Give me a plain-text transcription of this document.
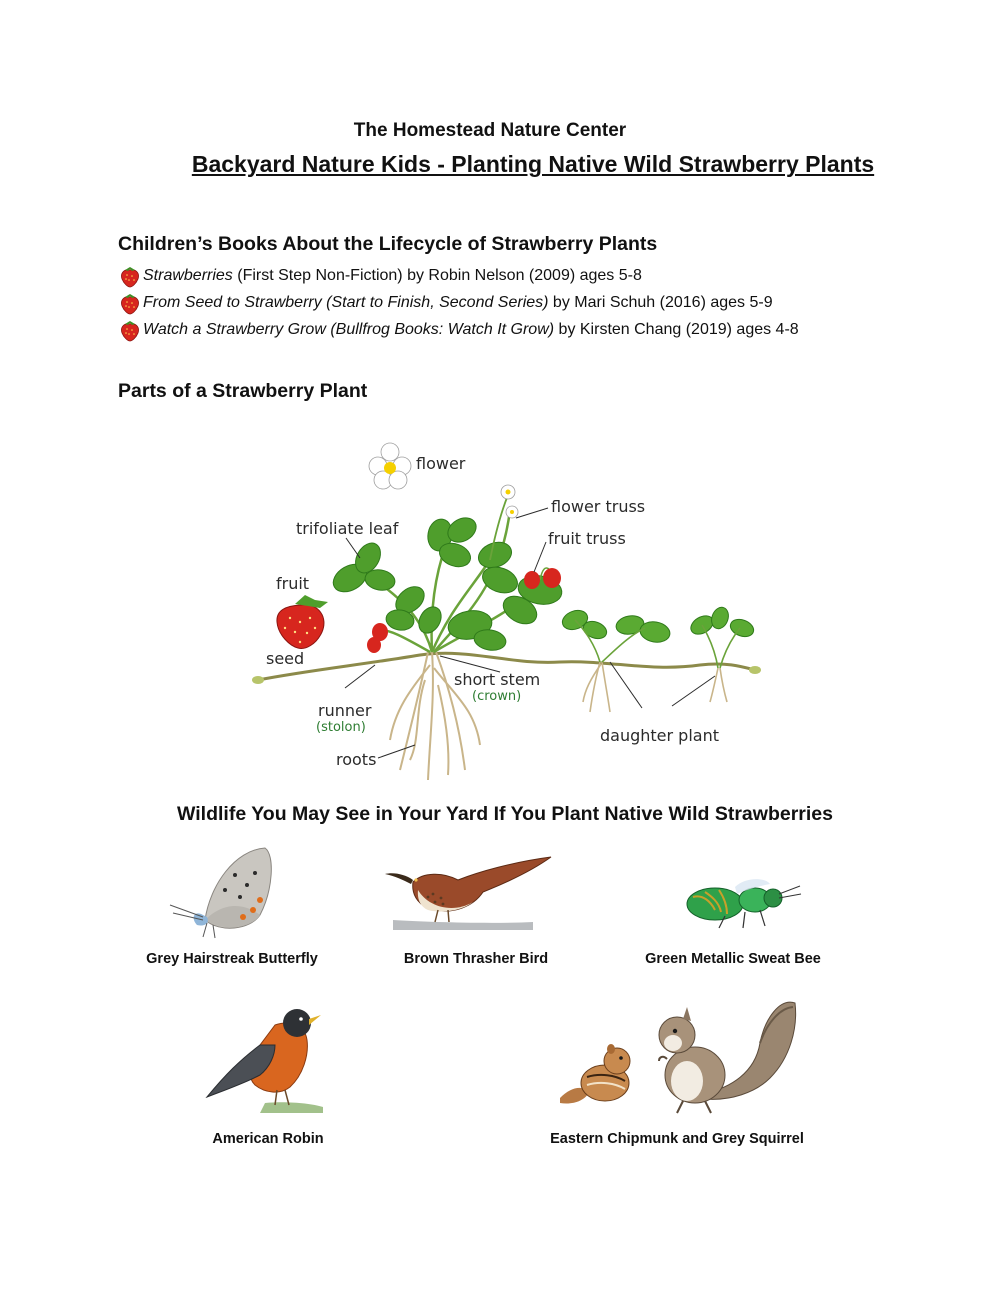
The Homestead Nature Center
Backyard Nature Kids - Planting Native Wild Strawberry Plants
Children’s Books About the Lifecycle of Strawberry Plants
Strawberries (First Step Non-Fiction) by Robin Nelson (2009) ages 5-8
From Seed to Strawberry (Start to Finish, Second Series) by Mari Schuh (2016) ages 5-9
Watch a Strawberry Grow (Bullfrog Books: Watch It Grow) by Kirsten Chang (2019) ages 4-8
Parts of a Strawberry Plant
flower
flower truss
trifoliate leaf
fruit truss
fruit
seed
short stem
runner
daughter plant
roots
(crown)
(stolon)
Wildlife You May See in Your Yard If You Plant Native Wild Strawberries
Grey Hairstreak Butterfly	Brown Thrasher Bird	Green Metallic Sweat Bee
American Robin	Eastern Chipmunk and Grey Squirrel
